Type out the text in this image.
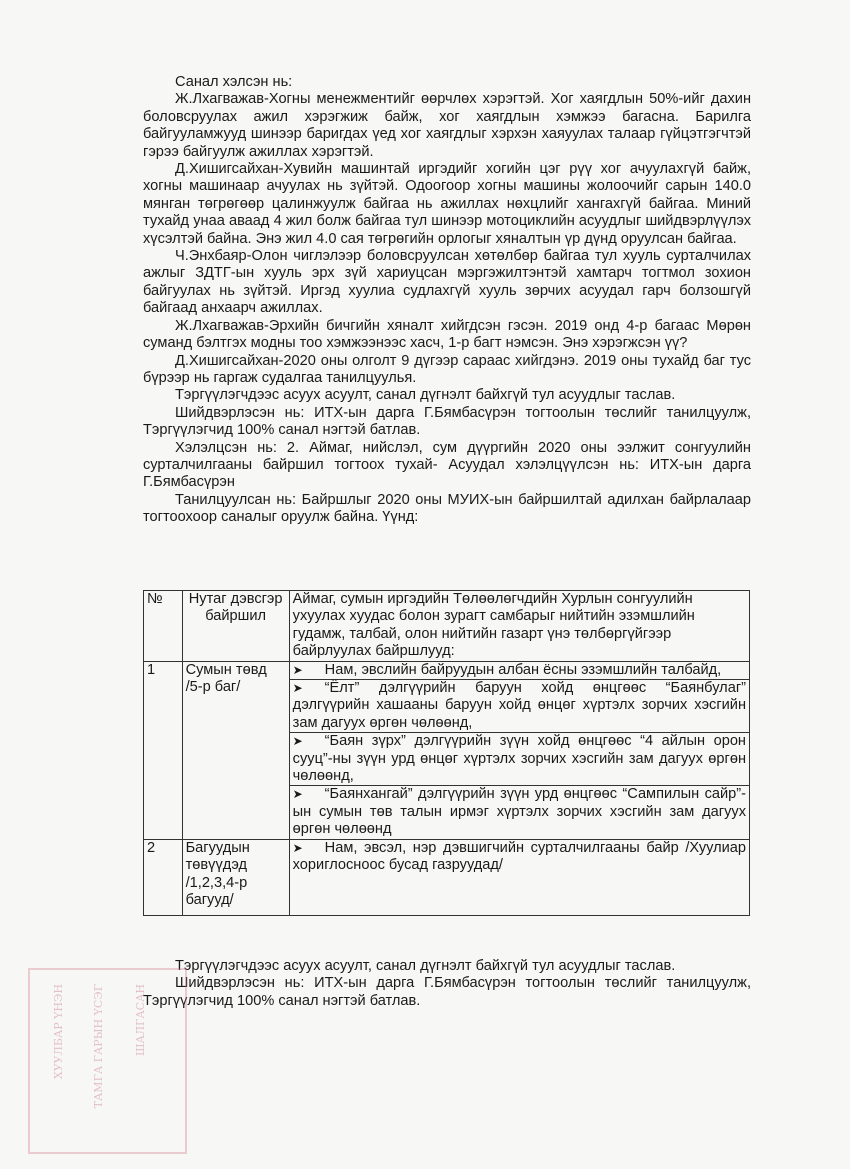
Санал хэлсэн нь:

Ж.Лхагважав-Хогны менежментийг өөрчлөх хэрэгтэй. Хог хаягдлын 50%-ийг дахин боловсруулах ажил хэрэгжиж байж, хог хаягдлын хэмжээ багасна. Барилга байгууламжууд шинээр баригдах үед хог хаягдлыг хэрхэн хаяуулах талаар гүйцэтгэгчтэй гэрээ байгуулж ажиллах хэрэгтэй.

Д.Хишигсайхан-Хувийн машинтай иргэдийг хогийн цэг рүү хог ачуулахгүй байж, хогны машинаар ачуулах нь зүйтэй. Одоогоор хогны машины жолоочийг сарын 140.0 мянган төгрөгөөр цалинжуулж байгаа нь ажиллах нөхцлийг хангахгүй байгаа. Миний тухайд унаа аваад 4 жил болж байгаа тул шинээр мотоциклийн асуудлыг шийдвэрлүүлэх хүсэлтэй байна. Энэ жил 4.0 сая төгрөгийн орлогыг хяналтын үр дүнд оруулсан байгаа.

Ч.Энхбаяр-Олон чиглэлээр боловсруулсан хөтөлбөр байгаа тул хууль сурталчилах ажлыг ЗДТГ-ын хууль эрх зүй хариуцсан мэргэжилтэнтэй хамтарч тогтмол зохион байгуулах нь зүйтэй. Иргэд хуулиа судлахгүй хууль зөрчих асуудал гарч болзошгүй байгаад анхаарч ажиллах.

Ж.Лхагважав-Эрхийн бичгийн хяналт хийгдсэн гэсэн. 2019 онд 4-р багаас Мөрөн суманд бэлтгэх модны тоо хэмжээнээс хасч, 1-р багт нэмсэн. Энэ хэрэгжсэн үү?

Д.Хишигсайхан-2020 оны олголт 9 дүгээр сараас хийгдэнэ. 2019 оны тухайд баг тус бүрээр нь гаргаж судалгаа танилцуулья.

Тэргүүлэгчдээс асуух асуулт, санал дүгнэлт байхгүй тул асуудлыг таслав.

Шийдвэрлэсэн нь: ИТХ-ын дарга Г.Бямбасүрэн тогтоолын төслийг танилцуулж, Тэргүүлэгчид 100% санал нэгтэй батлав.

Хэлэлцсэн нь: 2. Аймаг, нийслэл, сум дүүргийн 2020 оны ээлжит сонгуулийн сурталчилгааны байршил тогтоох тухай- Асуудал хэлэлцүүлсэн нь: ИТХ-ын дарга Г.Бямбасүрэн

Танилцуулсан нь: Байршлыг 2020 оны МУИХ-ын байршилтай адилхан байрлалаар тогтоохоор саналыг оруулж байна. Үүнд:

№	Нутаг дэвсгэр байршил	Аймаг, сумын иргэдийн Төлөөлөгчдийн Хурлын сонгуулийн ухуулах хуудас болон зурагт самбарыг нийтийн эзэмшлийн гудамж, талбай, олон нийтийн газарт үнэ төлбөргүйгээр байрлуулах байршлууд:
1	Сумын төвд /5-р баг/	➤ Нам, эвслийн байруудын албан ёсны эзэмшлийн талбайд,

➤ “Ёлт” дэлгүүрийн баруун хойд өнцгөөс “Баянбулаг” дэлгүүрийн хашааны баруун хойд өнцөг хүртэлх зорчих хэсгийн зам дагуух өргөн чөлөөнд,

➤ “Баян зүрх” дэлгүүрийн зүүн хойд өнцгөөс “4 айлын орон сууц”-ны зүүн урд өнцөг хүртэлх зорчих хэсгийн зам дагуух өргөн чөлөөнд,

➤ “Баянхангай” дэлгүүрийн зүүн урд өнцгөөс “Сампилын сайр”-ын сумын төв талын ирмэг хүртэлх зорчих хэсгийн зам дагуух өргөн чөлөөнд

2	Багуудын төвүүдэд /1,2,3,4-р багууд/	➤ Нам, эвсэл, нэр дэвшигчийн сурталчилгааны байр /Хуулиар хориглосноос бусад газруудад/

Тэргүүлэгчдээс асуух асуулт, санал дүгнэлт байхгүй тул асуудлыг таслав.

Шийдвэрлэсэн нь: ИТХ-ын дарга Г.Бямбасүрэн тогтоолын төслийг танилцуулж, Тэргүүлэгчид 100% санал нэгтэй батлав.

ХУУЛБАР ҮНЭН ТАМГА ГАРЫН ҮСЭГ	ШАЛГАСАН
